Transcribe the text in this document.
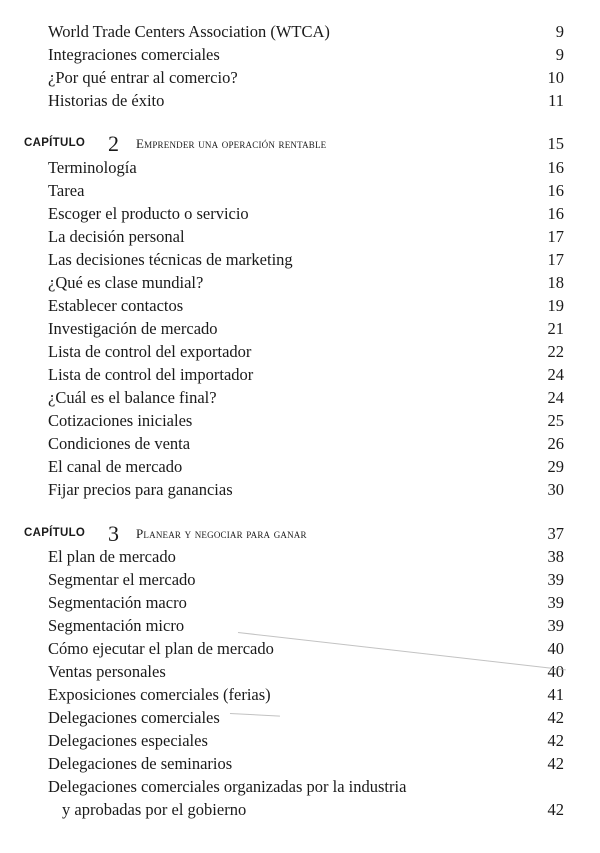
World Trade Centers Association (WTCA)	9
Integraciones comerciales	9
¿Por qué entrar al comercio?	10
Historias de éxito	11
CAPÍTULO 2 Emprender una operación rentable	15
Terminología	16
Tarea	16
Escoger el producto o servicio	16
La decisión personal	17
Las decisiones técnicas de marketing	17
¿Qué es clase mundial?	18
Establecer contactos	19
Investigación de mercado	21
Lista de control del exportador	22
Lista de control del importador	24
¿Cuál es el balance final?	24
Cotizaciones iniciales	25
Condiciones de venta	26
El canal de mercado	29
Fijar precios para ganancias	30
CAPÍTULO 3 Planear y negociar para ganar	37
El plan de mercado	38
Segmentar el mercado	39
Segmentación macro	39
Segmentación micro	39
Cómo ejecutar el plan de mercado	40
Ventas personales	40
Exposiciones comerciales (ferias)	41
Delegaciones comerciales	42
Delegaciones especiales	42
Delegaciones de seminarios	42
Delegaciones comerciales organizadas por la industria
y aprobadas por el gobierno	42
